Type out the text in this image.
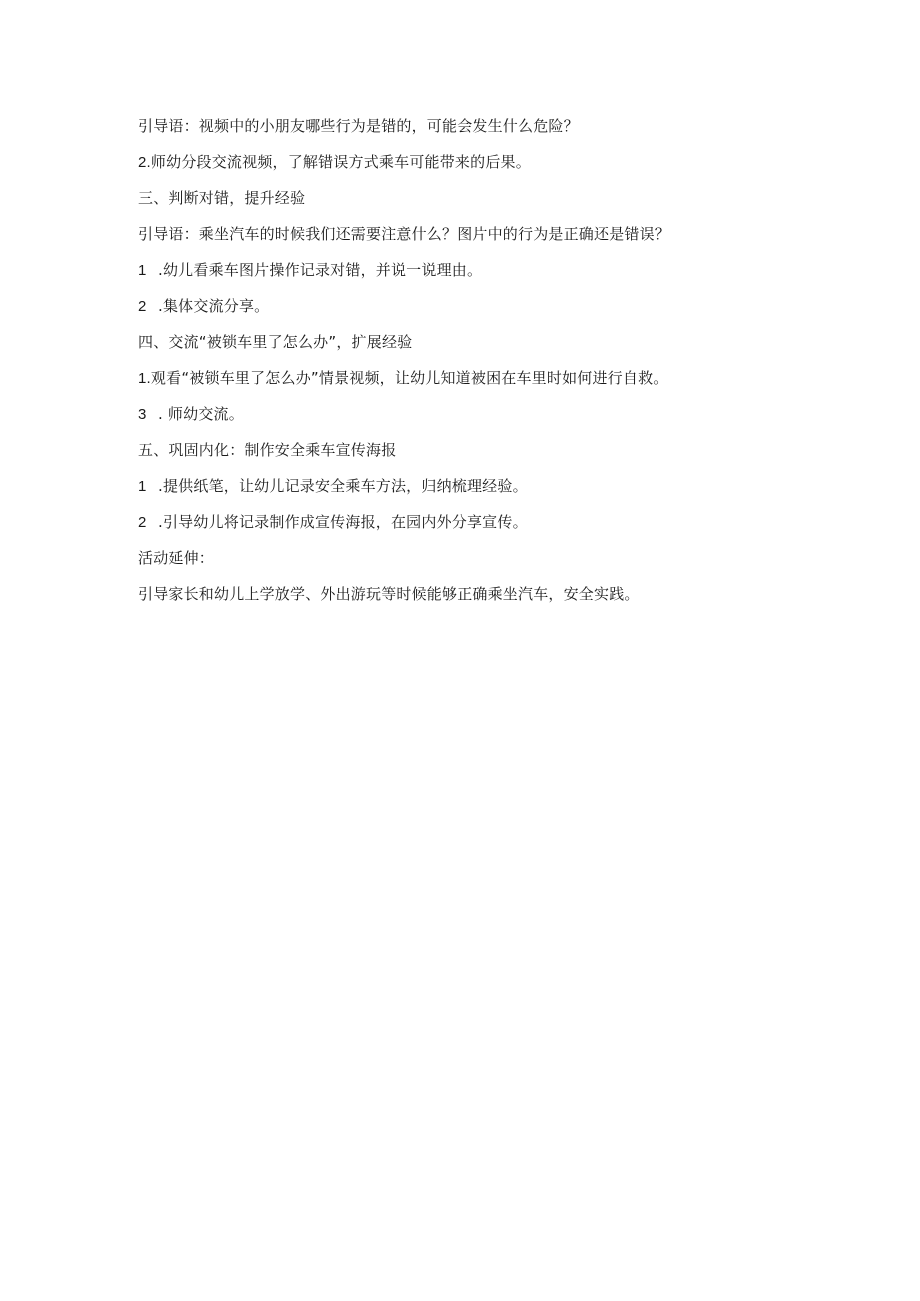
引导语：视频中的小朋友哪些行为是错的，可能会发生什么危险？
2.师幼分段交流视频，了解错误方式乘车可能带来的后果。
三、判断对错，提升经验
引导语：乘坐汽车的时候我们还需要注意什么？图片中的行为是正确还是错误？
1 .幼儿看乘车图片操作记录对错，并说一说理由。
2 .集体交流分享。
四、交流“被锁车里了怎么办”，扩展经验
1.观看“被锁车里了怎么办”情景视频，让幼儿知道被困在车里时如何进行自救。
3 . 师幼交流。
五、巩固内化：制作安全乘车宣传海报
1 .提供纸笔，让幼儿记录安全乘车方法，归纳梳理经验。
2 .引导幼儿将记录制作成宣传海报，在园内外分享宣传。
活动延伸：
引导家长和幼儿上学放学、外出游玩等时候能够正确乘坐汽车，安全实践。
